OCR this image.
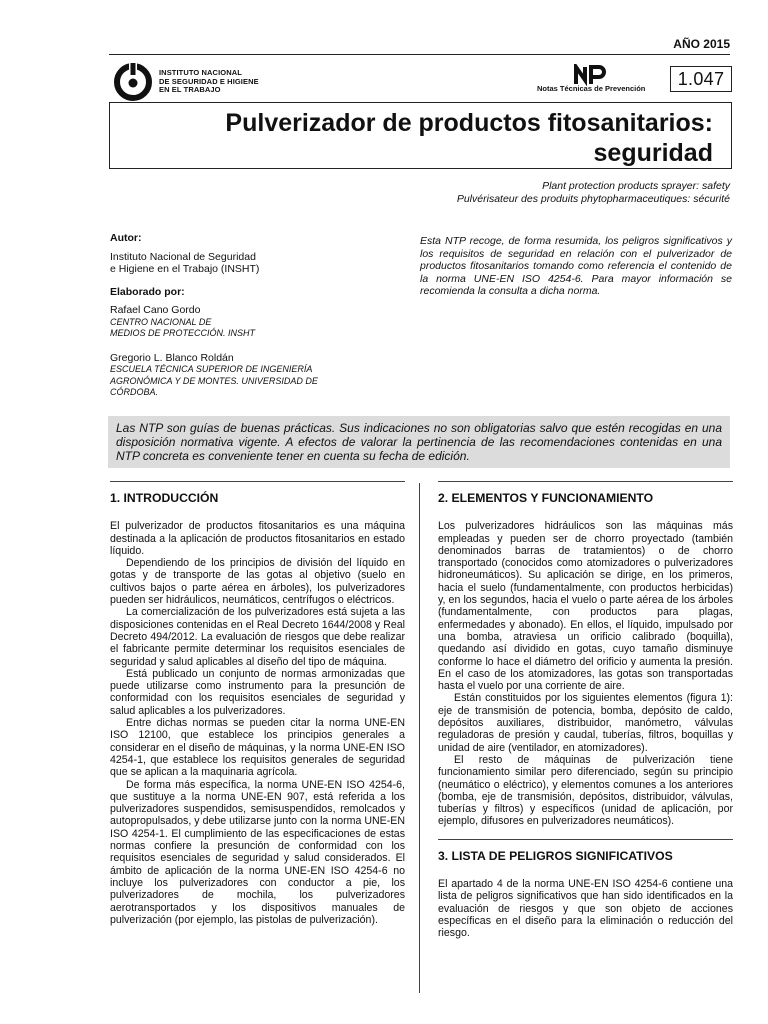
AÑO 2015
INSTITUTO NACIONAL
DE SEGURIDAD E HIGIENE
EN EL TRABAJO	Notas Técnicas de Prevención	1.047
Pulverizador de productos fitosanitarios:
seguridad
Plant protection products sprayer: safety
Pulvérisateur des produits phytopharmaceutiques: sécurité
Autor:
Instituto Nacional de Seguridad
e Higiene en el Trabajo (INSHT)
Elaborado por:
Rafael Cano Gordo
CENTRO NACIONAL DE
MEDIOS DE PROTECCIÓN. INSHT
Gregorio L. Blanco Roldán
ESCUELA TÉCNICA SUPERIOR DE INGENIERÍA
AGRONÓMICA Y DE MONTES. UNIVERSIDAD DE
CÓRDOBA.
Esta NTP recoge, de forma resumida, los peligros significativos y los requisitos de seguridad en relación con el pulverizador de productos fitosanitarios tomando como referencia el contenido de la norma UNE-EN ISO 4254-6. Para mayor información se recomienda la consulta a dicha norma.
Las NTP son guías de buenas prácticas. Sus indicaciones no son obligatorias salvo que estén recogidas en una disposición normativa vigente. A efectos de valorar la pertinencia de las recomendaciones contenidas en una NTP concreta es conveniente tener en cuenta su fecha de edición.
1. INTRODUCCIÓN
El pulverizador de productos fitosanitarios es una máquina destinada a la aplicación de productos fitosanitarios en estado líquido.
Dependiendo de los principios de división del líquido en gotas y de transporte de las gotas al objetivo (suelo en cultivos bajos o parte aérea en árboles), los pulverizadores pueden ser hidráulicos, neumáticos, centrífugos o eléctricos.
La comercialización de los pulverizadores está sujeta a las disposiciones contenidas en el Real Decreto 1644/2008 y Real Decreto 494/2012. La evaluación de riesgos que debe realizar el fabricante permite determinar los requisitos esenciales de seguridad y salud aplicables al diseño del tipo de máquina.
Está publicado un conjunto de normas armonizadas que puede utilizarse como instrumento para la presunción de conformidad con los requisitos esenciales de seguridad y salud aplicables a los pulverizadores.
Entre dichas normas se pueden citar la norma UNE-EN ISO 12100, que establece los principios generales a considerar en el diseño de máquinas, y la norma UNE-EN ISO 4254-1, que establece los requisitos generales de seguridad que se aplican a la maquinaria agrícola.
De forma más específica, la norma UNE-EN ISO 4254-6, que sustituye a la norma UNE-EN 907, está referida a los pulverizadores suspendidos, semisuspendidos, remolcados y autopropulsados, y debe utilizarse junto con la norma UNE-EN ISO 4254-1. El cumplimiento de las especificaciones de estas normas confiere la presunción de conformidad con los requisitos esenciales de seguridad y salud considerados. El ámbito de aplicación de la norma UNE-EN ISO 4254-6 no incluye los pulverizadores con conductor a pie, los pulverizadores de mochila, los pulverizadores aerotransportados y los dispositivos manuales de pulverización (por ejemplo, las pistolas de pulverización).
2. ELEMENTOS Y FUNCIONAMIENTO
Los pulverizadores hidráulicos son las máquinas más empleadas y pueden ser de chorro proyectado (también denominados barras de tratamientos) o de chorro transportado (conocidos como atomizadores o pulverizadores hidroneumáticos). Su aplicación se dirige, en los primeros, hacia el suelo (fundamentalmente, con productos herbicidas) y, en los segundos, hacia el vuelo o parte aérea de los árboles (fundamentalmente, con productos para plagas, enfermedades y abonado). En ellos, el líquido, impulsado por una bomba, atraviesa un orificio calibrado (boquilla), quedando así dividido en gotas, cuyo tamaño disminuye conforme lo hace el diámetro del orificio y aumenta la presión. En el caso de los atomizadores, las gotas son transportadas hasta el vuelo por una corriente de aire.
Están constituidos por los siguientes elementos (figura 1): eje de transmisión de potencia, bomba, depósito de caldo, depósitos auxiliares, distribuidor, manómetro, válvulas reguladoras de presión y caudal, tuberías, filtros, boquillas y unidad de aire (ventilador, en atomizadores).
El resto de máquinas de pulverización tiene funcionamiento similar pero diferenciado, según su principio (neumático o eléctrico), y elementos comunes a los anteriores (bomba, eje de transmisión, depósitos, distribuidor, válvulas, tuberías y filtros) y específicos (unidad de aplicación, por ejemplo, difusores en pulverizadores neumáticos).
3. LISTA DE PELIGROS SIGNIFICATIVOS
El apartado 4 de la norma UNE-EN ISO 4254-6 contiene una lista de peligros significativos que han sido identificados en la evaluación de riesgos y que son objeto de acciones específicas en el diseño para la eliminación o reducción del riesgo.
